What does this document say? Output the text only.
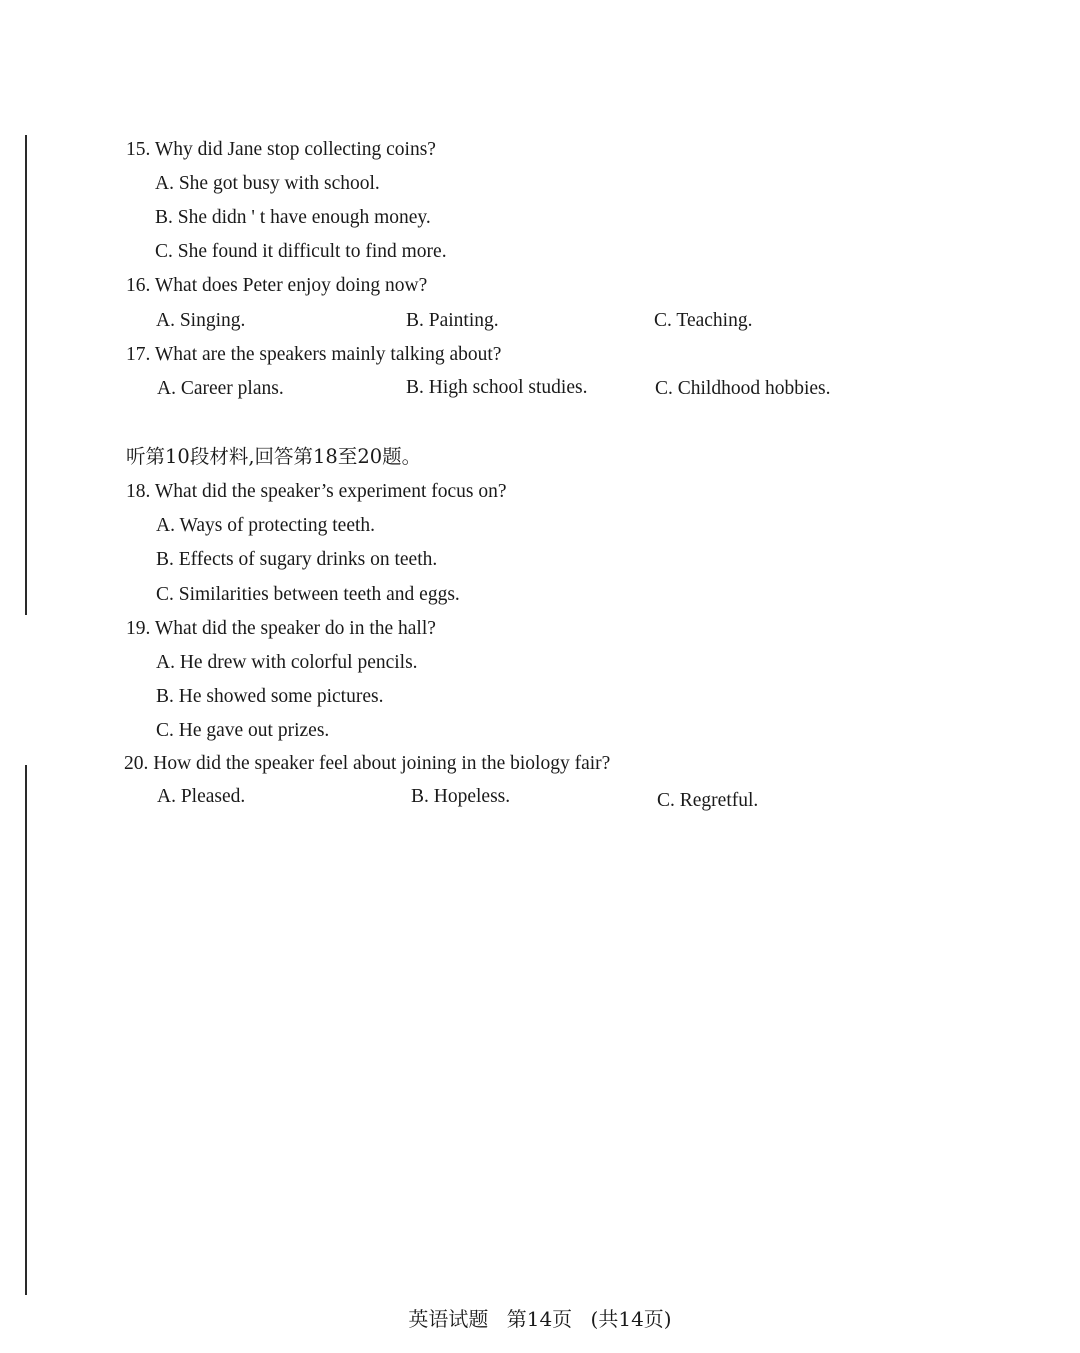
15. Why did Jane stop collecting coins?
A. She got busy with school.
B. She didn ' t have enough money.
C. She found it difficult to find more.
16. What does Peter enjoy doing now?
A. Singing.	B. Painting.	C. Teaching.
17. What are the speakers mainly talking about?
A. Career plans.	B. High school studies.	C. Childhood hobbies.
听第10段材料,回答第18至20题。
18. What did the speaker’s experiment focus on?
A. Ways of protecting teeth.
B. Effects of sugary drinks on teeth.
C. Similarities between teeth and eggs.
19. What did the speaker do in the hall?
A. He drew with colorful pencils.
B. He showed some pictures.
C. He gave out prizes.
20. How did the speaker feel about joining in the biology fair?
A. Pleased.	B. Hopeless.	C. Regretful.
英语试题 第14页 (共14页)
